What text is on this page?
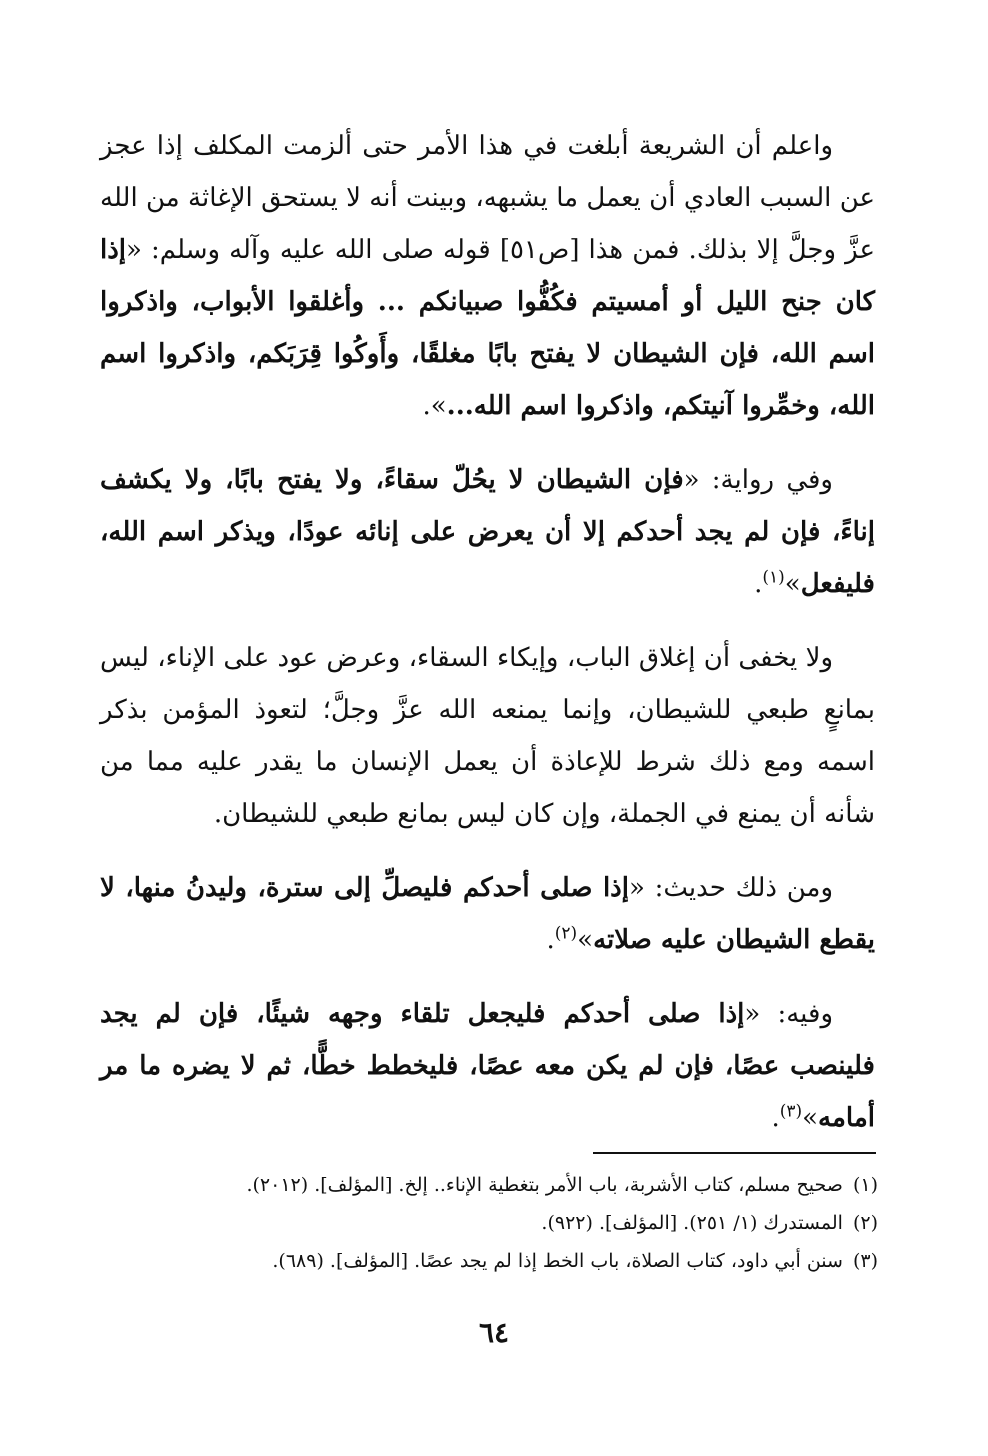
واعلم أن الشريعة أبلغت في هذا الأمر حتى ألزمت المكلف إذا عجز عن السبب العادي أن يعمل ما يشبهه، وبينت أنه لا يستحق الإغاثة من الله عزَّ وجلَّ إلا بذلك. فمن هذا [ص٥١] قوله صلى الله عليه وآله وسلم: «إذا كان جنح الليل أو أمسيتم فكُفُّوا صبيانكم ... وأغلقوا الأبواب، واذكروا اسم الله، فإن الشيطان لا يفتح بابًا مغلقًا، وأَوكُوا قِرَبَكم، واذكروا اسم الله، وخمِّروا آنيتكم، واذكروا اسم الله...».

وفي رواية: «فإن الشيطان لا يحُلّ سقاءً، ولا يفتح بابًا، ولا يكشف إناءً، فإن لم يجد أحدكم إلا أن يعرض على إنائه عودًا، ويذكر اسم الله، فليفعل»$^{(١)}$.

ولا يخفى أن إغلاق الباب، وإيكاء السقاء، وعرض عود على الإناء، ليس بمانعٍ طبعي للشيطان، وإنما يمنعه الله عزَّ وجلَّ؛ لتعوذ المؤمن بذكر اسمه ومع ذلك شرط للإعاذة أن يعمل الإنسان ما يقدر عليه مما من شأنه أن يمنع في الجملة، وإن كان ليس بمانع طبعي للشيطان.

ومن ذلك حديث: «إذا صلى أحدكم فليصلِّ إلى سترة، وليدنُ منها، لا يقطع الشيطان عليه صلاته»$^{(٢)}$.

وفيه: «إذا صلى أحدكم فليجعل تلقاء وجهه شيئًا، فإن لم يجد فلينصب عصًا، فإن لم يكن معه عصًا، فليخطط خطًّا، ثم لا يضره ما مر أمامه»$^{(٣)}$.

(١)صحيح مسلم، كتاب الأشربة، باب الأمر بتغطية الإناء.. إلخ. [المؤلف]. (٢٠١٢).

(٢)المستدرك (١/ ٢٥١). [المؤلف]. (٩٢٢).

(٣)سنن أبي داود، كتاب الصلاة، باب الخط إذا لم يجد عصًا. [المؤلف]. (٦٨٩).

٦٤
